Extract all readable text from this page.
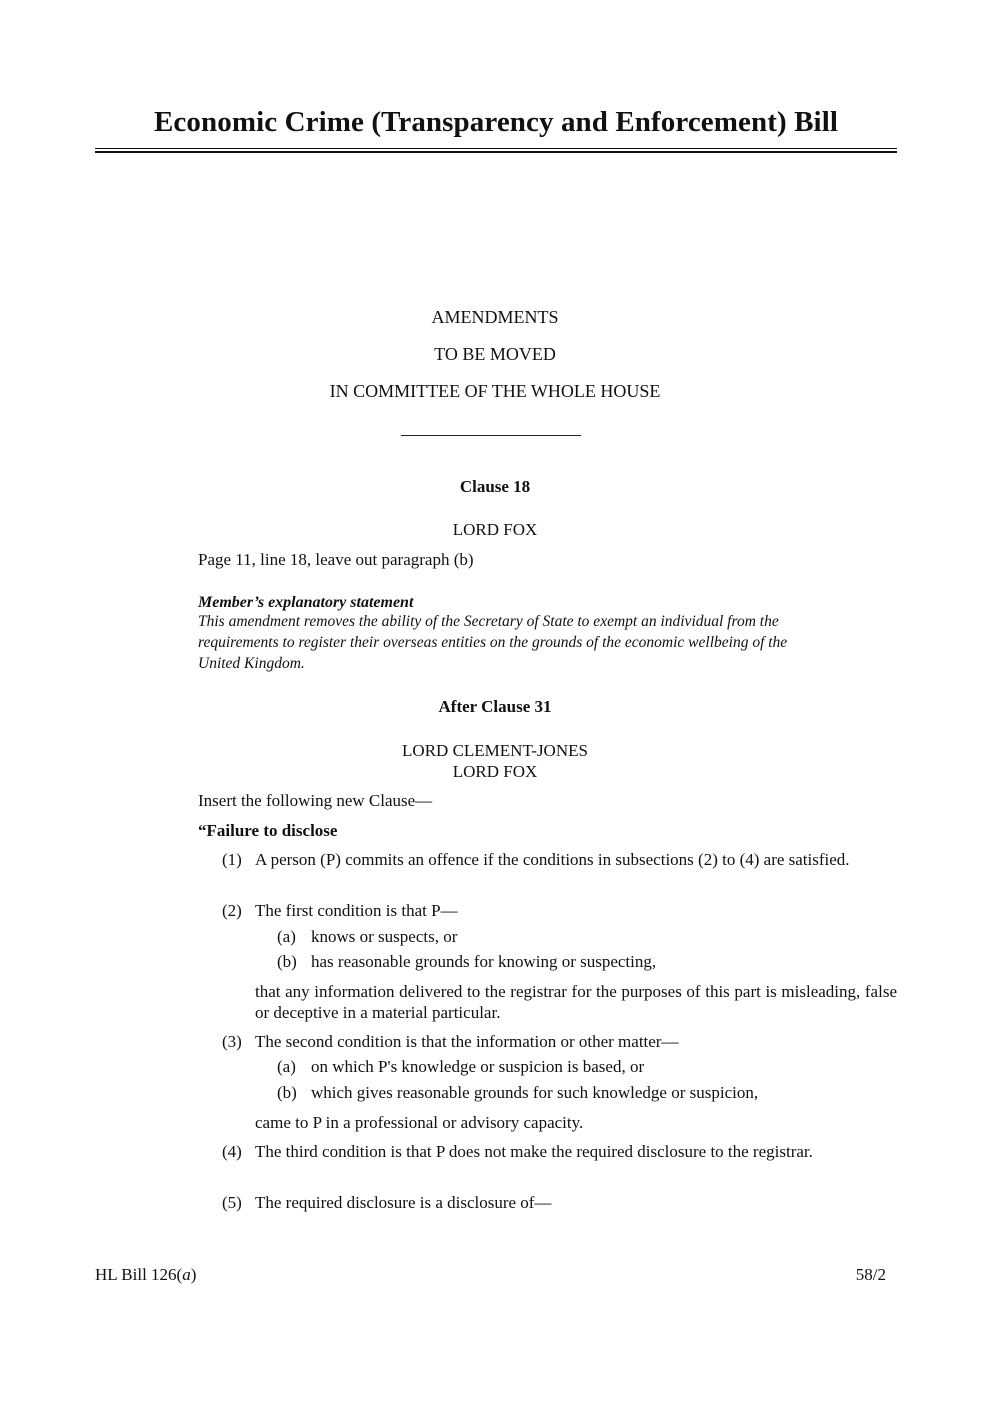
Economic Crime (Transparency and Enforcement) Bill
AMENDMENTS
TO BE MOVED
IN COMMITTEE OF THE WHOLE HOUSE
Clause 18
LORD FOX
Page 11, line 18, leave out paragraph (b)
Member’s explanatory statement
This amendment removes the ability of the Secretary of State to exempt an individual from the
requirements to register their overseas entities on the grounds of the economic wellbeing of the
United Kingdom.
After Clause 31
LORD CLEMENT-JONES
LORD FOX
Insert the following new Clause—
“Failure to disclose
(1) A person (P) commits an offence if the conditions in subsections (2) to (4) are satisfied.
(2) The first condition is that P—
(a) knows or suspects, or
(b) has reasonable grounds for knowing or suspecting,
that any information delivered to the registrar for the purposes of this part is misleading, false or deceptive in a material particular.
(3) The second condition is that the information or other matter—
(a) on which P's knowledge or suspicion is based, or
(b) which gives reasonable grounds for such knowledge or suspicion,
came to P in a professional or advisory capacity.
(4) The third condition is that P does not make the required disclosure to the registrar.
(5) The required disclosure is a disclosure of—
HL Bill 126(a)	58/2
